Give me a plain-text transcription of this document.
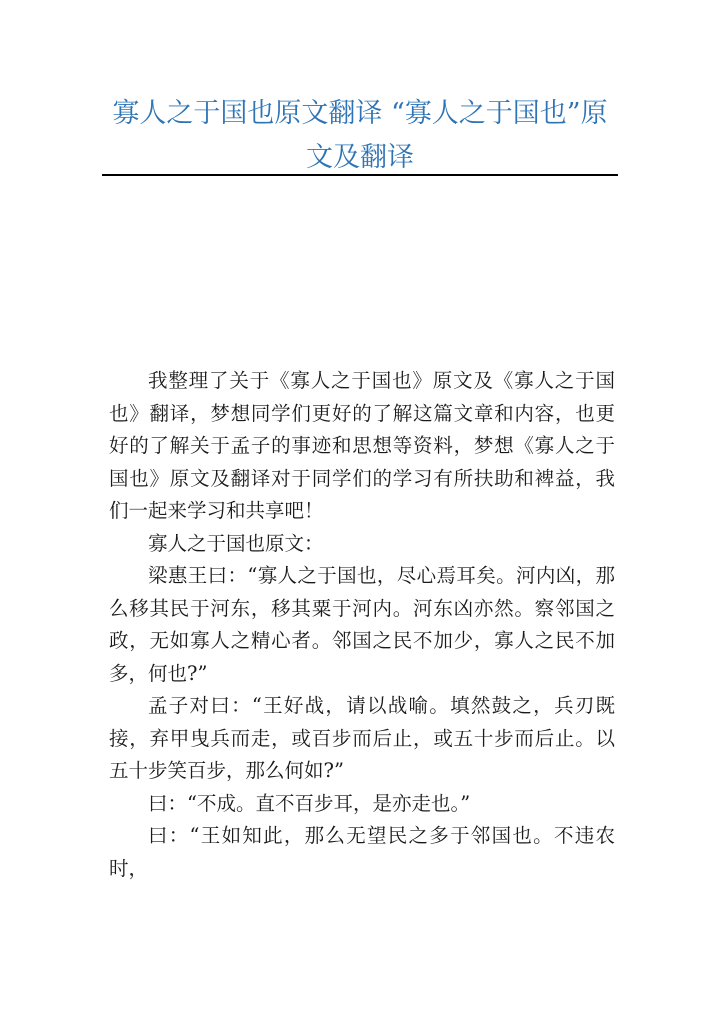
寡人之于国也原文翻译 “寡人之于国也”原文及翻译

我整理了关于《寡人之于国也》原文及《寡人之于国也》翻译，梦想同学们更好的了解这篇文章和内容，也更好的了解关于孟子的事迹和思想等资料，梦想《寡人之于国也》原文及翻译对于同学们的学习有所扶助和裨益，我们一起来学习和共享吧！

寡人之于国也原文：

梁惠王曰：“寡人之于国也，尽心焉耳矣。河内凶，那么移其民于河东，移其粟于河内。河东凶亦然。察邻国之政，无如寡人之精心者。邻国之民不加少，寡人之民不加多，何也?”

孟子对曰：“王好战，请以战喻。填然鼓之，兵刃既接，弃甲曳兵而走，或百步而后止，或五十步而后止。以五十步笑百步，那么何如?”

曰：“不成。直不百步耳，是亦走也。”

曰：“王如知此，那么无望民之多于邻国也。不违农时，
